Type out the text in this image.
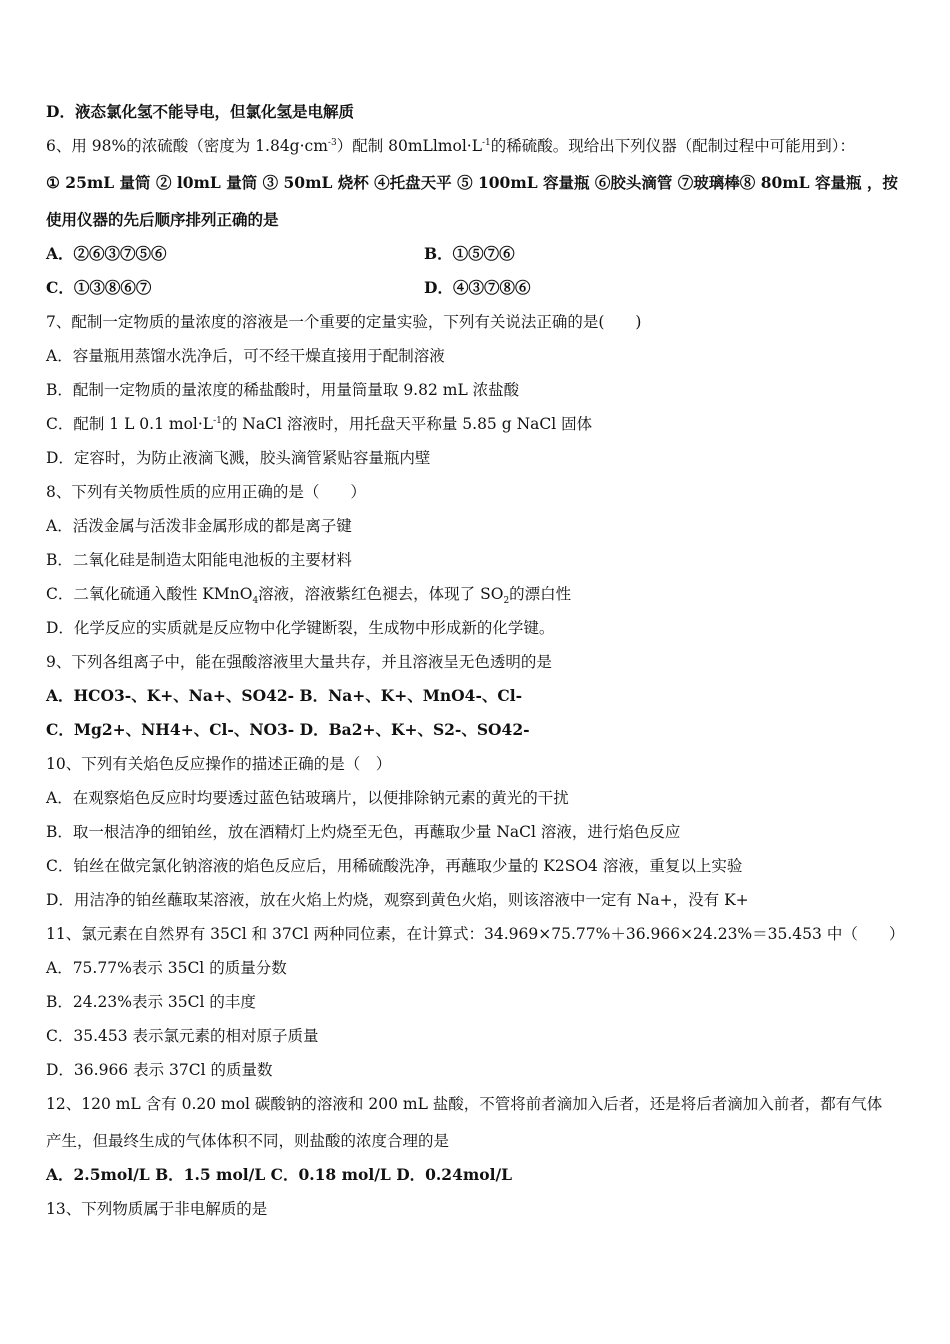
D．液态氯化氢不能导电，但氯化氢是电解质
6、用 98%的浓硫酸（密度为 $1.84g\cdot cm^{-3}$）配制 $80mLlmol\cdot L^{-1}$的稀硫酸。现给出下列仪器（配制过程中可能用到）：
① 25mL 量筒 ② l0mL 量筒 ③ 50mL 烧杯 ④托盘天平 ⑤ 100mL 容量瓶 ⑥胶头滴管 ⑦玻璃棒⑧ 80mL 容量瓶 ，按
使用仪器的先后顺序排列正确的是
A．②⑥③⑦⑤⑥	B．①⑤⑦⑥
C．①③⑧⑥⑦	D．④③⑦⑧⑥
7、配制一定物质的量浓度的溶液是一个重要的定量实验，下列有关说法正确的是(　　)
A．容量瓶用蒸馏水洗净后，可不经干燥直接用于配制溶液
B．配制一定物质的量浓度的稀盐酸时，用量筒量取 9.82 mL 浓盐酸
C．配制 1 L 0.1 $mol\cdot L^{-1}$的 NaCl 溶液时，用托盘天平称量 5.85 g NaCl 固体
D．定容时，为防止液滴飞溅，胶头滴管紧贴容量瓶内壁
8、下列有关物质性质的应用正确的是（　　）
A．活泼金属与活泼非金属形成的都是离子键
B．二氧化硅是制造太阳能电池板的主要材料
C．二氧化硫通入酸性 KMnO$_4$溶液，溶液紫红色褪去，体现了 $SO_2$的漂白性
D．化学反应的实质就是反应物中化学键断裂，生成物中形成新的化学键。
9、下列各组离子中，能在强酸溶液里大量共存，并且溶液呈无色透明的是
A．HCO3-、K+、Na+、SO42- B．Na+、K+、MnO4-、Cl-
C．Mg2+、NH4+、Cl-、NO3- D．Ba2+、K+、S2-、SO42-
10、下列有关焰色反应操作的描述正确的是（　）
A．在观察焰色反应时均要透过蓝色钴玻璃片，以便排除钠元素的黄光的干扰
B．取一根洁净的细铂丝，放在酒精灯上灼烧至无色，再蘸取少量 NaCl 溶液，进行焰色反应
C．铂丝在做完氯化钠溶液的焰色反应后，用稀硫酸洗净，再蘸取少量的 K2SO4 溶液，重复以上实验
D．用洁净的铂丝蘸取某溶液，放在火焰上灼烧，观察到黄色火焰，则该溶液中一定有 Na+，没有 K+
11、氯元素在自然界有 35Cl 和 37Cl 两种同位素，在计算式：34.969×75.77%＋36.966×24.23%＝35.453 中（　　）
A．75.77%表示 35Cl 的质量分数
B．24.23%表示 35Cl 的丰度
C．35.453 表示氯元素的相对原子质量
D．36.966 表示 37Cl 的质量数
12、120 mL 含有 0.20 mol 碳酸钠的溶液和 200 mL 盐酸，不管将前者滴加入后者，还是将后者滴加入前者，都有气体
产生，但最终生成的气体体积不同，则盐酸的浓度合理的是
A．2.5mol/L B．1.5 mol/L C．0.18 mol/L D．0.24mol/L
13、下列物质属于非电解质的是
